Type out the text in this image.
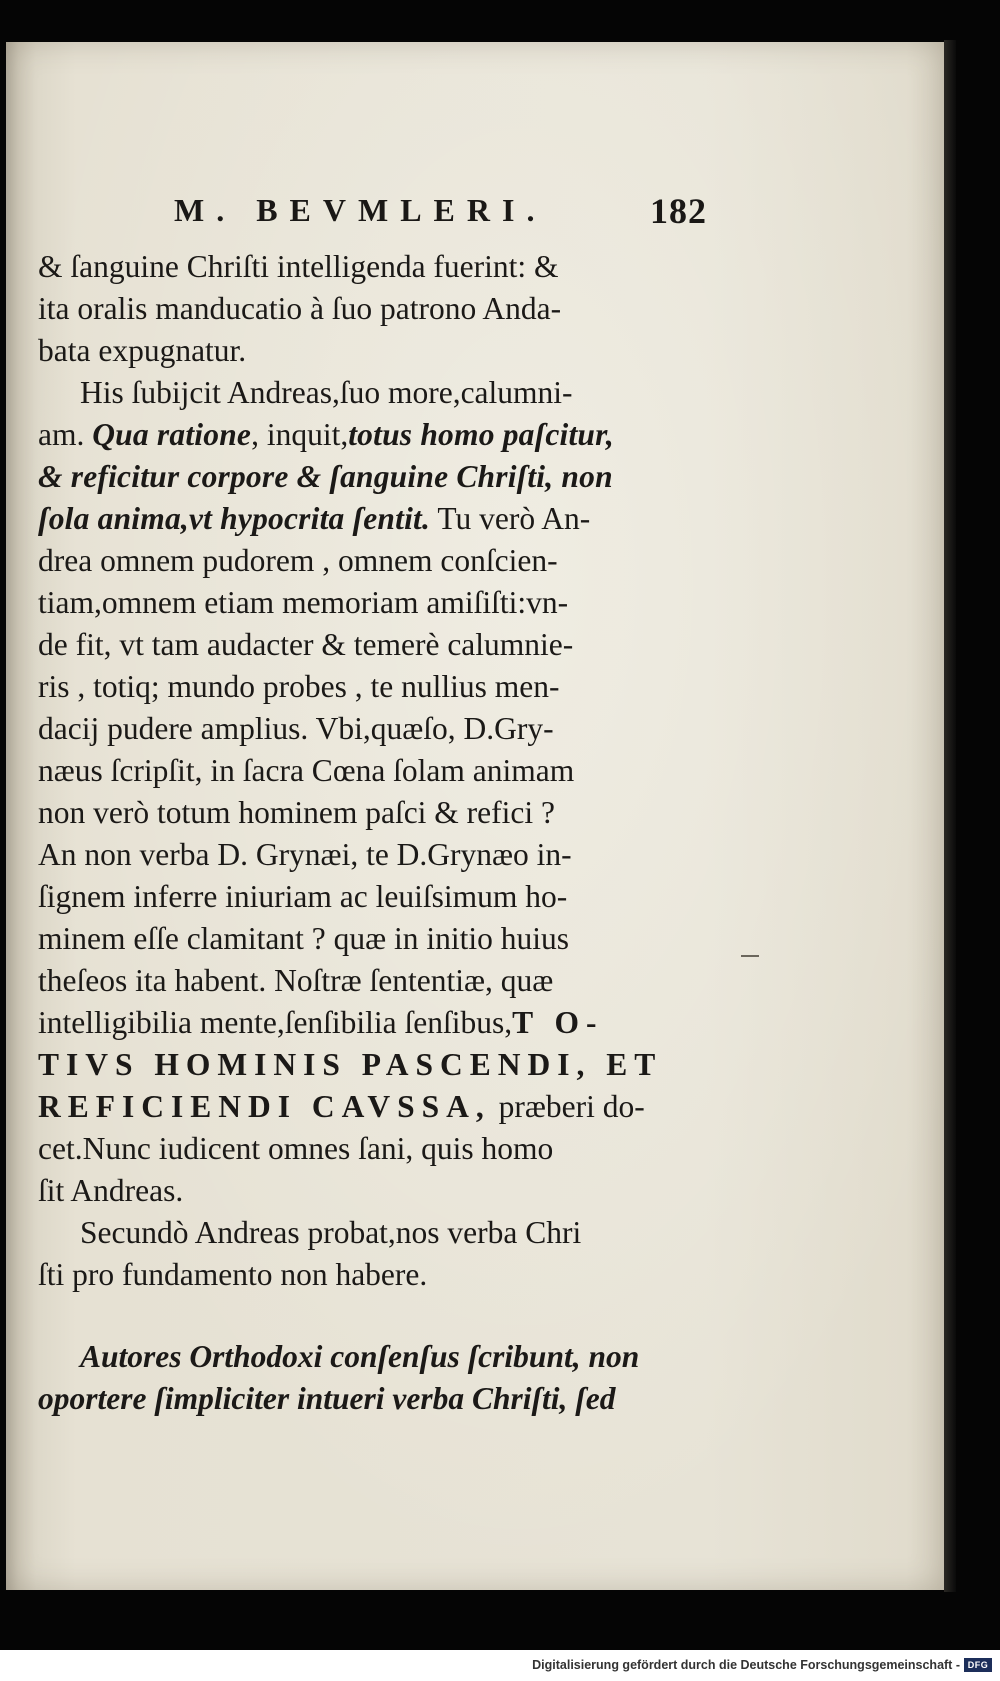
M. BEVMLERI.	182
& ſanguine Chriſti intelligenda fuerint: &
ita oralis manducatio à ſuo patrono Anda-
bata expugnatur.
His ſubijcit Andreas,ſuo more,calumni-
am. Qua ratione, inquit,totus homo paſcitur,
& reficitur corpore & ſanguine Chriſti, non
ſola anima,vt hypocrita ſentit. Tu verò An-
drea omnem pudorem , omnem conſcien-
tiam,omnem etiam memoriam amiſiſti:vn-
de fit, vt tam audacter & temerè calumnie-
ris , totiq; mundo probes , te nullius men-
dacij pudere amplius. Vbi,quæſo, D.Gry-
næus ſcripſit, in ſacra Cœna ſolam animam
non verò totum hominem paſci & refici ?
An non verba D. Grynæi, te D.Grynæo in-
ſignem inferre iniuriam ac leuiſsimum ho-
minem eſſe clamitant ? quæ in initio huius
theſeos ita habent. Noſtræ ſententiæ, quæ
intelligibilia mente,ſenſibilia ſenſibus,T O-
TIVS HOMINIS PASCENDI, ET
REFICIENDI CAVSSA, præberi do-
cet.Nunc iudicent omnes ſani, quis homo
ſit Andreas.
Secundò Andreas probat,nos verba Chri
ſti pro fundamento non habere.
Autores Orthodoxi conſenſus ſcribunt, non
oportere ſimpliciter intueri verba Chriſti, ſed
Digitalisierung gefördert durch die Deutsche Forschungsgemeinschaft - DFG
